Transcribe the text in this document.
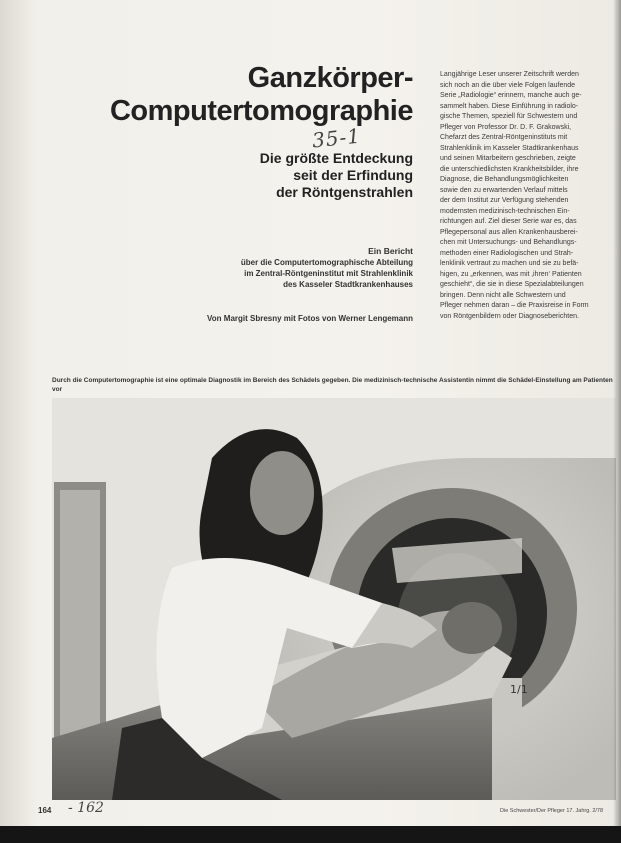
Ganzkörper-
Computertomographie
35-1
Die größte Entdeckung
seit der Erfindung
der Röntgenstrahlen
Ein Bericht
über die Computertomographische Abteilung
im Zentral-Röntgeninstitut mit Strahlenklinik
des Kasseler Stadtkrankenhauses
Von Margit Sbresny mit Fotos von Werner Lengemann
Langjährige Leser unserer Zeitschrift werden
sich noch an die über viele Folgen laufende
Serie „Radiologie“ erinnern, manche auch ge-
sammelt haben. Diese Einführung in radiolo-
gische Themen, speziell für Schwestern und
Pfleger von Professor Dr. D. F. Grakowski,
Chefarzt des Zentral-Röntgeninstituts mit
Strahlenklinik im Kasseler Stadtkrankenhaus
und seinen Mitarbeitern geschrieben, zeigte
die unterschiedlichsten Krankheitsbilder, ihre
Diagnose, die Behandlungsmöglichkeiten
sowie den zu erwartenden Verlauf mittels
der dem Institut zur Verfügung stehenden
modernsten medizinisch-technischen Ein-
richtungen auf. Ziel dieser Serie war es, das
Pflegepersonal aus allen Krankenhausberei-
chen mit Untersuchungs- und Behandlungs-
methoden einer Radiologischen und Strah-
lenklinik vertraut zu machen und sie zu befä-
higen, zu „erkennen, was mit ‚ihren‘ Patienten
geschieht“, die sie in diese Spezialabteilungen
bringen. Denn nicht alle Schwestern und
Pfleger nehmen daran – die Praxisreise in Form
von Röntgenbildern oder Diagnoseberichten.
Durch die Computertomographie ist eine optimale Diagnostik im Bereich des Schädels gegeben. Die medizinisch-technische Assistentin nimmt die Schädel-Einstellung am Patienten vor
1/1
164 - 162	Die Schwester/Der Pfleger 17. Jahrg. 2/78
